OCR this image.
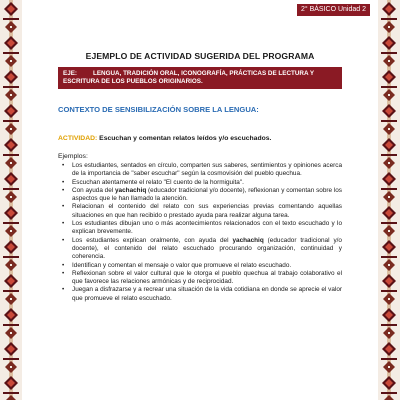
2° BÁSICO Unidad 2
EJEMPLO DE ACTIVIDAD SUGERIDA DEL PROGRAMA
EJE:	LENGUA, TRADICIÓN ORAL, ICONOGRAFÍA, PRÁCTICAS DE LECTURA Y ESCRITURA DE LOS PUEBLOS ORIGINARIOS.
CONTEXTO DE SENSIBILIZACIÓN SOBRE LA LENGUA:
ACTIVIDAD: Escuchan y comentan relatos leídos y/o escuchados.
Ejemplos:
• Los estudiantes, sentados en círculo, comparten sus saberes, sentimientos y opiniones acerca de la importancia de "saber escuchar" según la cosmovisión del pueblo quechua.
• Escuchan atentamente el relato "El cuento de la hormiguita".
• Con ayuda del yachachiq (educador tradicional y/o docente), reflexionan y comentan sobre los aspectos que le han llamado la atención.
• Relacionan el contenido del relato con sus experiencias previas comentando aquellas situaciones en que han recibido o prestado ayuda para realizar alguna tarea.
• Los estudiantes dibujan uno o más acontecimientos relacionados con el texto escuchado y lo explican brevemente.
• Los estudiantes explican oralmente, con ayuda del yachachiq (educador tradicional y/o docente), el contenido del relato escuchado procurando organización, continuidad y coherencia.
• Identifican y comentan el mensaje o valor que promueve el relato escuchado.
• Reflexionan sobre el valor cultural que le otorga el pueblo quechua al trabajo colaborativo el que favorece las relaciones armónicas y de reciprocidad.
• Juegan a disfrazarse y a recrear una situación de la vida cotidiana en donde se aprecie el valor que promueve el relato escuchado.
